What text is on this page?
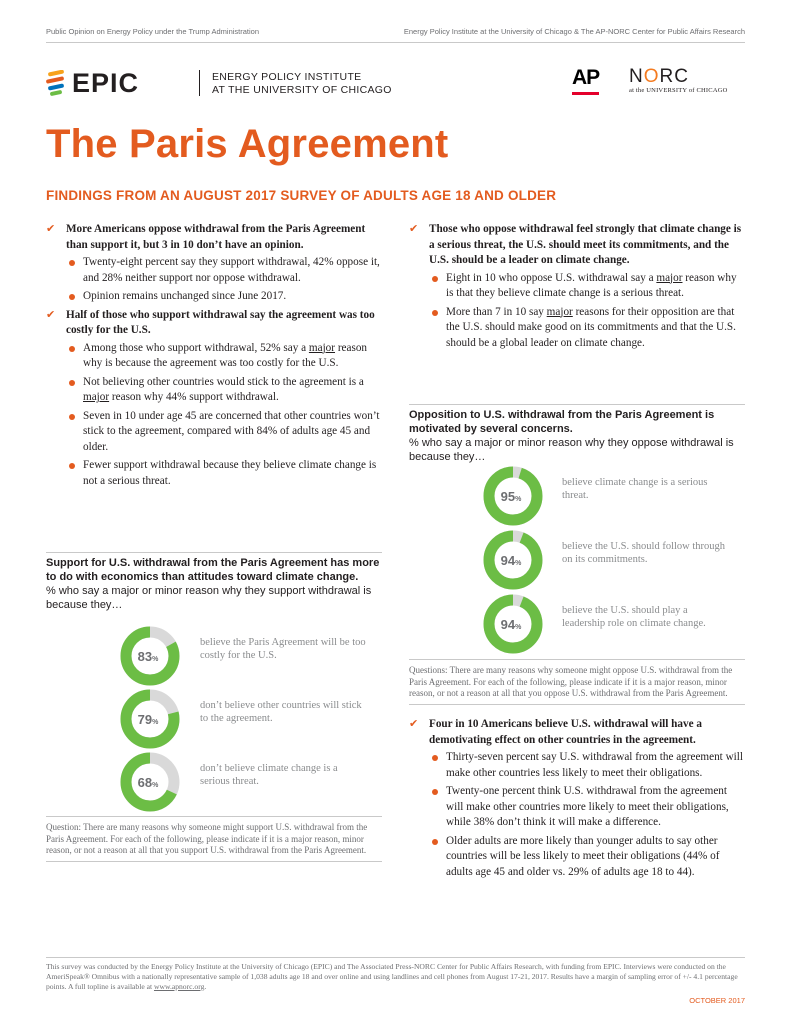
Public Opinion on Energy Policy under the Trump Administration	Energy Policy Institute at the University of Chicago & The AP-NORC Center for Public Affairs Research
EPIC	ENERGY POLICY INSTITUTE
AT THE UNIVERSITY OF CHICAGO
AP NORC
at the UNIVERSITY of CHICAGO
The Paris Agreement
FINDINGS FROM AN AUGUST 2017 SURVEY OF ADULTS AGE 18 AND OLDER
✔ More Americans oppose withdrawal from the Paris Agreement than support it, but 3 in 10 don’t have an opinion.
Twenty-eight percent say they support withdrawal, 42% oppose it, and 28% neither support nor oppose withdrawal.
Opinion remains unchanged since June 2017.
✔ Half of those who support withdrawal say the agreement was too costly for the U.S.
Among those who support withdrawal, 52% say a major reason why is because the agreement was too costly for the U.S.
Not believing other countries would stick to the agreement is a major reason why 44% support withdrawal.
Seven in 10 under age 45 are concerned that other countries won’t stick to the agreement, compared with 84% of adults age 45 and older.
Fewer support withdrawal because they believe climate change is not a serious threat.
Support for U.S. withdrawal from the Paris Agreement has more to do with economics than attitudes toward climate change.
% who say a major or minor reason why they support withdrawal is because they…
83%
believe the Paris Agreement will be too costly for the U.S.
79%
don’t believe other countries will stick to the agreement.
68%
don’t believe climate change is a serious threat.
Question: There are many reasons why someone might support U.S. withdrawal from the Paris Agreement. For each of the following, please indicate if it is a major reason, minor reason, or not a reason at all that you support U.S. withdrawal from the Paris Agreement.
✔ Those who oppose withdrawal feel strongly that climate change is a serious threat, the U.S. should meet its commitments, and the U.S. should be a leader on climate change.
Eight in 10 who oppose U.S. withdrawal say a major reason why is that they believe climate change is a serious threat.
More than 7 in 10 say major reasons for their opposition are that the U.S. should make good on its commitments and that the U.S. should be a global leader on climate change.
Opposition to U.S. withdrawal from the Paris Agreement is motivated by several concerns.
% who say a major or minor reason why they oppose withdrawal is because they…
95%
believe climate change is a serious threat.
94%
believe the U.S. should follow through on its commitments.
94%
believe the U.S. should play a leadership role on climate change.
Questions: There are many reasons why someone might oppose U.S. withdrawal from the Paris Agreement. For each of the following, please indicate if it is a major reason, minor reason, or not a reason at all that you oppose U.S. withdrawal from the Paris Agreement.
✔ Four in 10 Americans believe U.S. withdrawal will have a demotivating effect on other countries in the agreement.
Thirty-seven percent say U.S. withdrawal from the agreement will make other countries less likely to meet their obligations.
Twenty-one percent think U.S. withdrawal from the agreement will make other countries more likely to meet their obligations, while 38% don’t think it will make a difference.
Older adults are more likely than younger adults to say other countries will be less likely to meet their obligations (44% of adults age 45 and older vs. 29% of adults age 18 to 44).
This survey was conducted by the Energy Policy Institute at the University of Chicago (EPIC) and The Associated Press-NORC Center for Public Affairs Research, with funding from EPIC. Interviews were conducted on the AmeriSpeak® Omnibus with a nationally representative sample of 1,038 adults age 18 and over online and using landlines and cell phones from August 17-21, 2017. Results have a margin of sampling error of +/- 4.1 percentage points. A full topline is available at www.apnorc.org.
OCTOBER 2017
